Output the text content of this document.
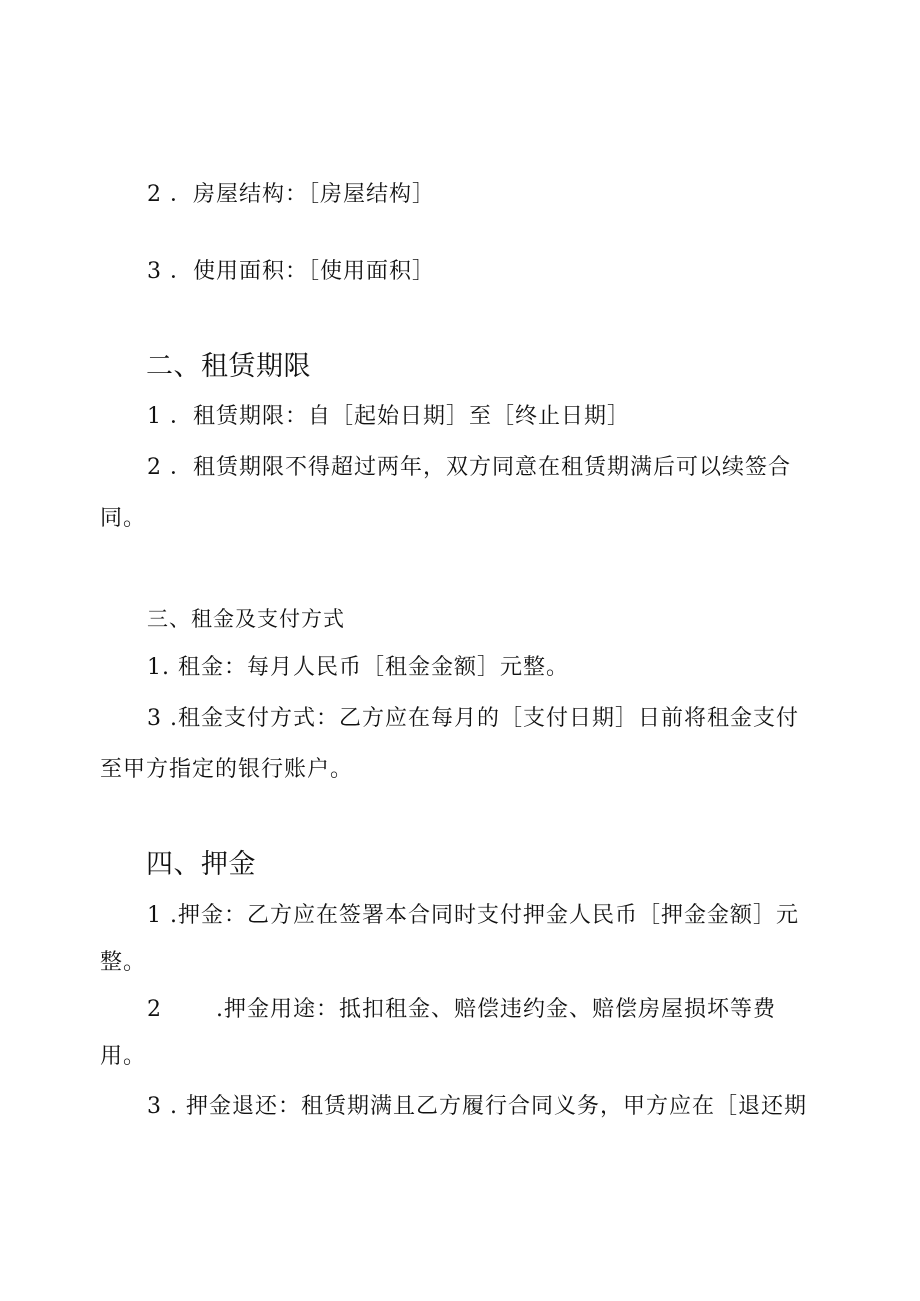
2 ．房屋结构：［房屋结构］
3 ．使用面积：［使用面积］
二、租赁期限
1 ．租赁期限：自［起始日期］至［终止日期］
2 ．租赁期限不得超过两年，双方同意在租赁期满后可以续签合
同。
三、租金及支付方式
1. 租金：每月人民币［租金金额］元整。
3 .租金支付方式：乙方应在每月的［支付日期］日前将租金支付
至甲方指定的银行账户。
四、押金
1 .押金：乙方应在签署本合同时支付押金人民币［押金金额］元
整。
2　　 .押金用途：抵扣租金、赔偿违约金、赔偿房屋损坏等费
用。
3 . 押金退还：租赁期满且乙方履行合同义务，甲方应在［退还期
